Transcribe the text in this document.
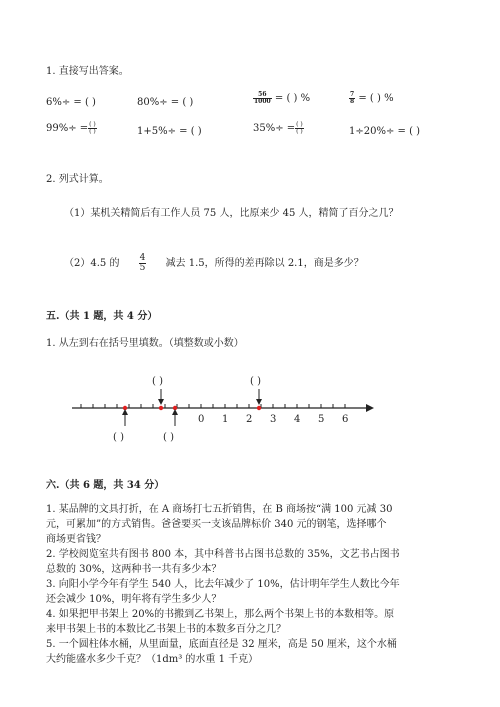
1. 直接写出答案。
6%÷ = ( )	80%÷ = ( )	$\frac{56}{1000}$ = ( ) %	$\frac{7}{8}$ = ( ) %
$99\%\div = \frac{( )}{( )}$	1+5%÷ = ( )	$35\%\div = \frac{( )}{( )}$	1÷20%÷ = ( )
2. 列式计算。
（1）某机关精简后有工作人员 75 人，比原来少 45 人，精简了百分之几？
（2）4.5 的 $\frac{4}{5}$ 减去 1.5，所得的差再除以 2.1，商是多少？
五.（共 1 题，共 4 分）
1. 从左到右在括号里填数。（填整数或小数）
( )	( )
( )	( )
0 1 2 3 4 5 6
六.（共 6 题，共 34 分）
1. 某品牌的文具打折，在 A 商场打七五折销售，在 B 商场按“满 100 元减 30
元，可累加”的方式销售。爸爸要买一支该品牌标价 340 元的钢笔，选择哪个
商场更省钱？
2. 学校阅览室共有图书 800 本，其中科普书占图书总数的 35%，文艺书占图书
总数的 30%，这两种书一共有多少本？
3. 向阳小学今年有学生 540 人，比去年减少了 10%，估计明年学生人数比今年
还会减少 10%，明年将有学生多少人？
4. 如果把甲书架上 20%的书搬到乙书架上，那么两个书架上书的本数相等。原
来甲书架上书的本数比乙书架上书的本数多百分之几？
5. 一个圆柱体水桶，从里面量，底面直径是 32 厘米，高是 50 厘米，这个水桶
大约能盛水多少千克？（1dm³ 的水重 1 千克）
